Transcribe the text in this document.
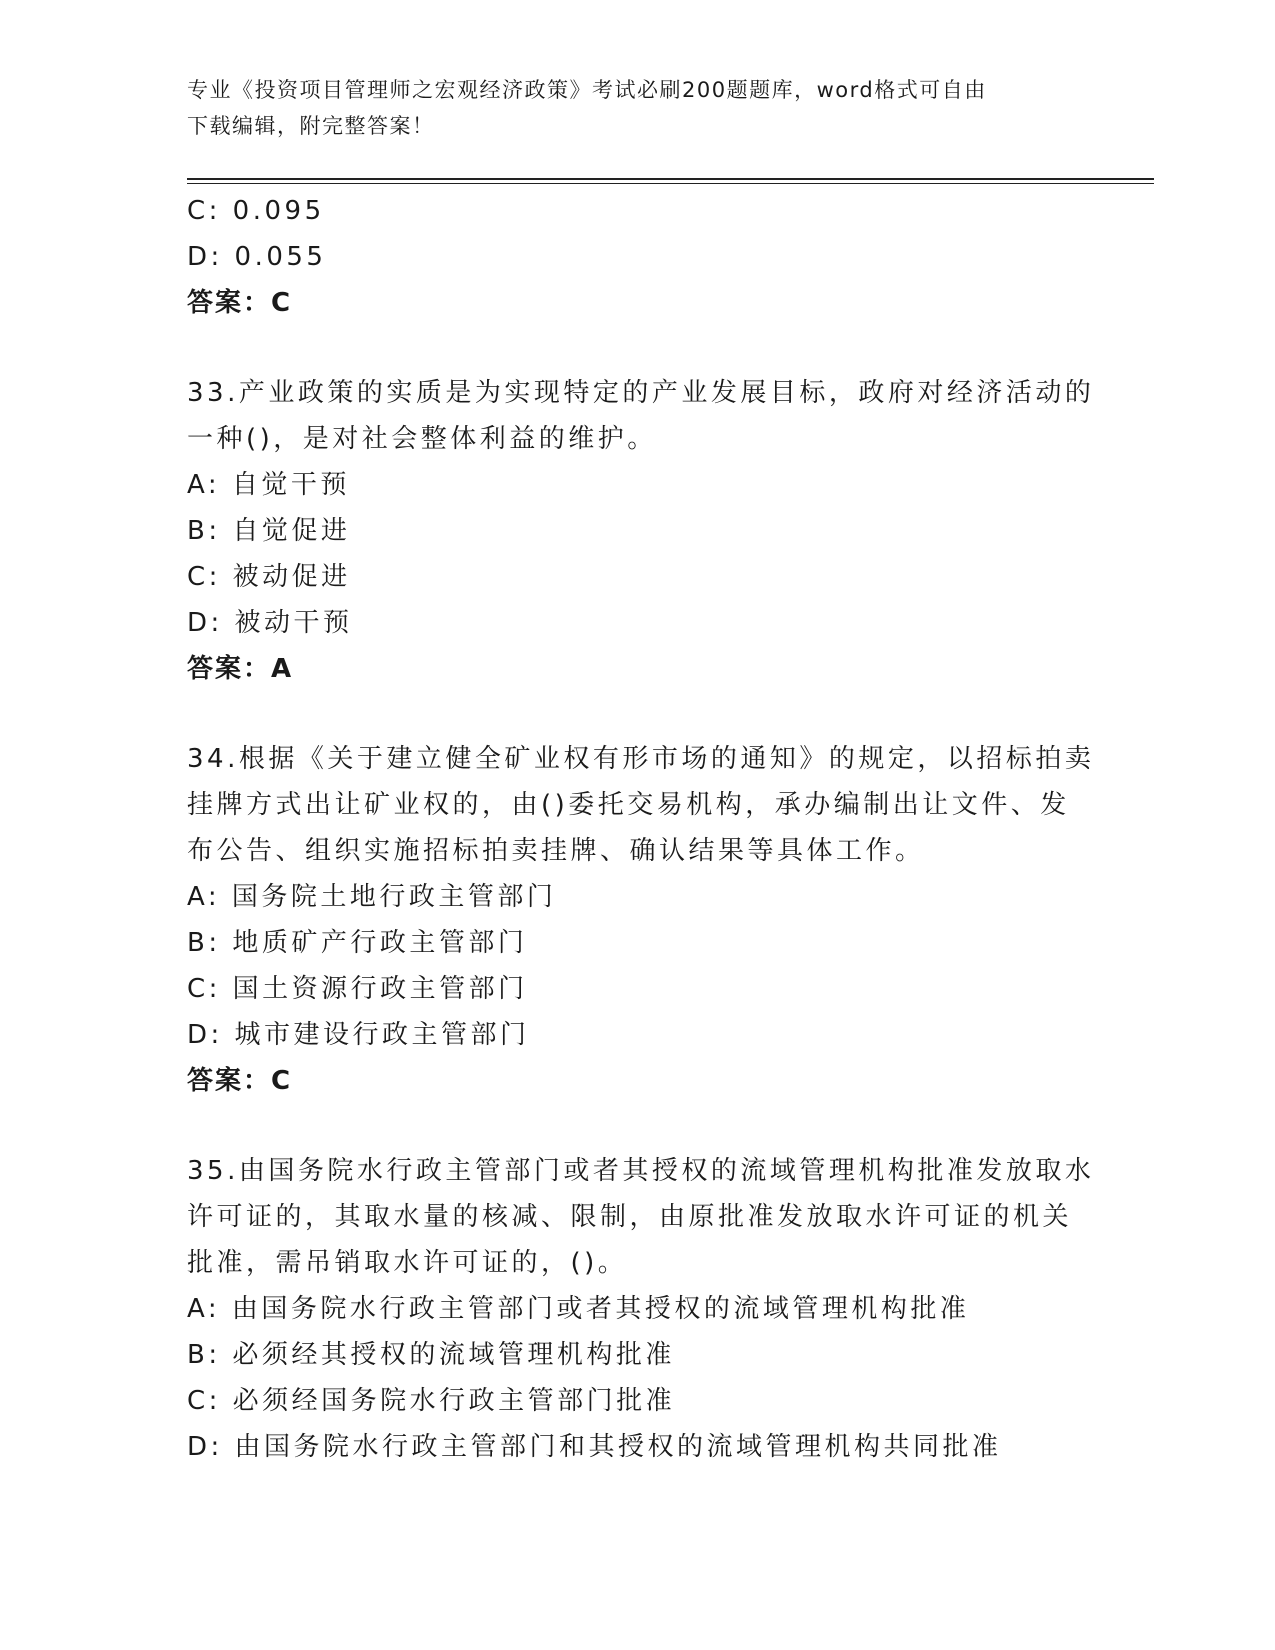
专业《投资项目管理师之宏观经济政策》考试必刷200题题库，word格式可自由
下载编辑，附完整答案！
C: 0.095
D: 0.055
答案：C
33.产业政策的实质是为实现特定的产业发展目标，政府对经济活动的
一种()，是对社会整体利益的维护。
A: 自觉干预
B: 自觉促进
C: 被动促进
D: 被动干预
答案：A
34.根据《关于建立健全矿业权有形市场的通知》的规定，以招标拍卖
挂牌方式出让矿业权的，由()委托交易机构，承办编制出让文件、发
布公告、组织实施招标拍卖挂牌、确认结果等具体工作。
A: 国务院土地行政主管部门
B: 地质矿产行政主管部门
C: 国土资源行政主管部门
D: 城市建设行政主管部门
答案：C
35.由国务院水行政主管部门或者其授权的流域管理机构批准发放取水
许可证的，其取水量的核减、限制，由原批准发放取水许可证的机关
批准，需吊销取水许可证的，()。
A: 由国务院水行政主管部门或者其授权的流域管理机构批准
B: 必须经其授权的流域管理机构批准
C: 必须经国务院水行政主管部门批准
D: 由国务院水行政主管部门和其授权的流域管理机构共同批准
